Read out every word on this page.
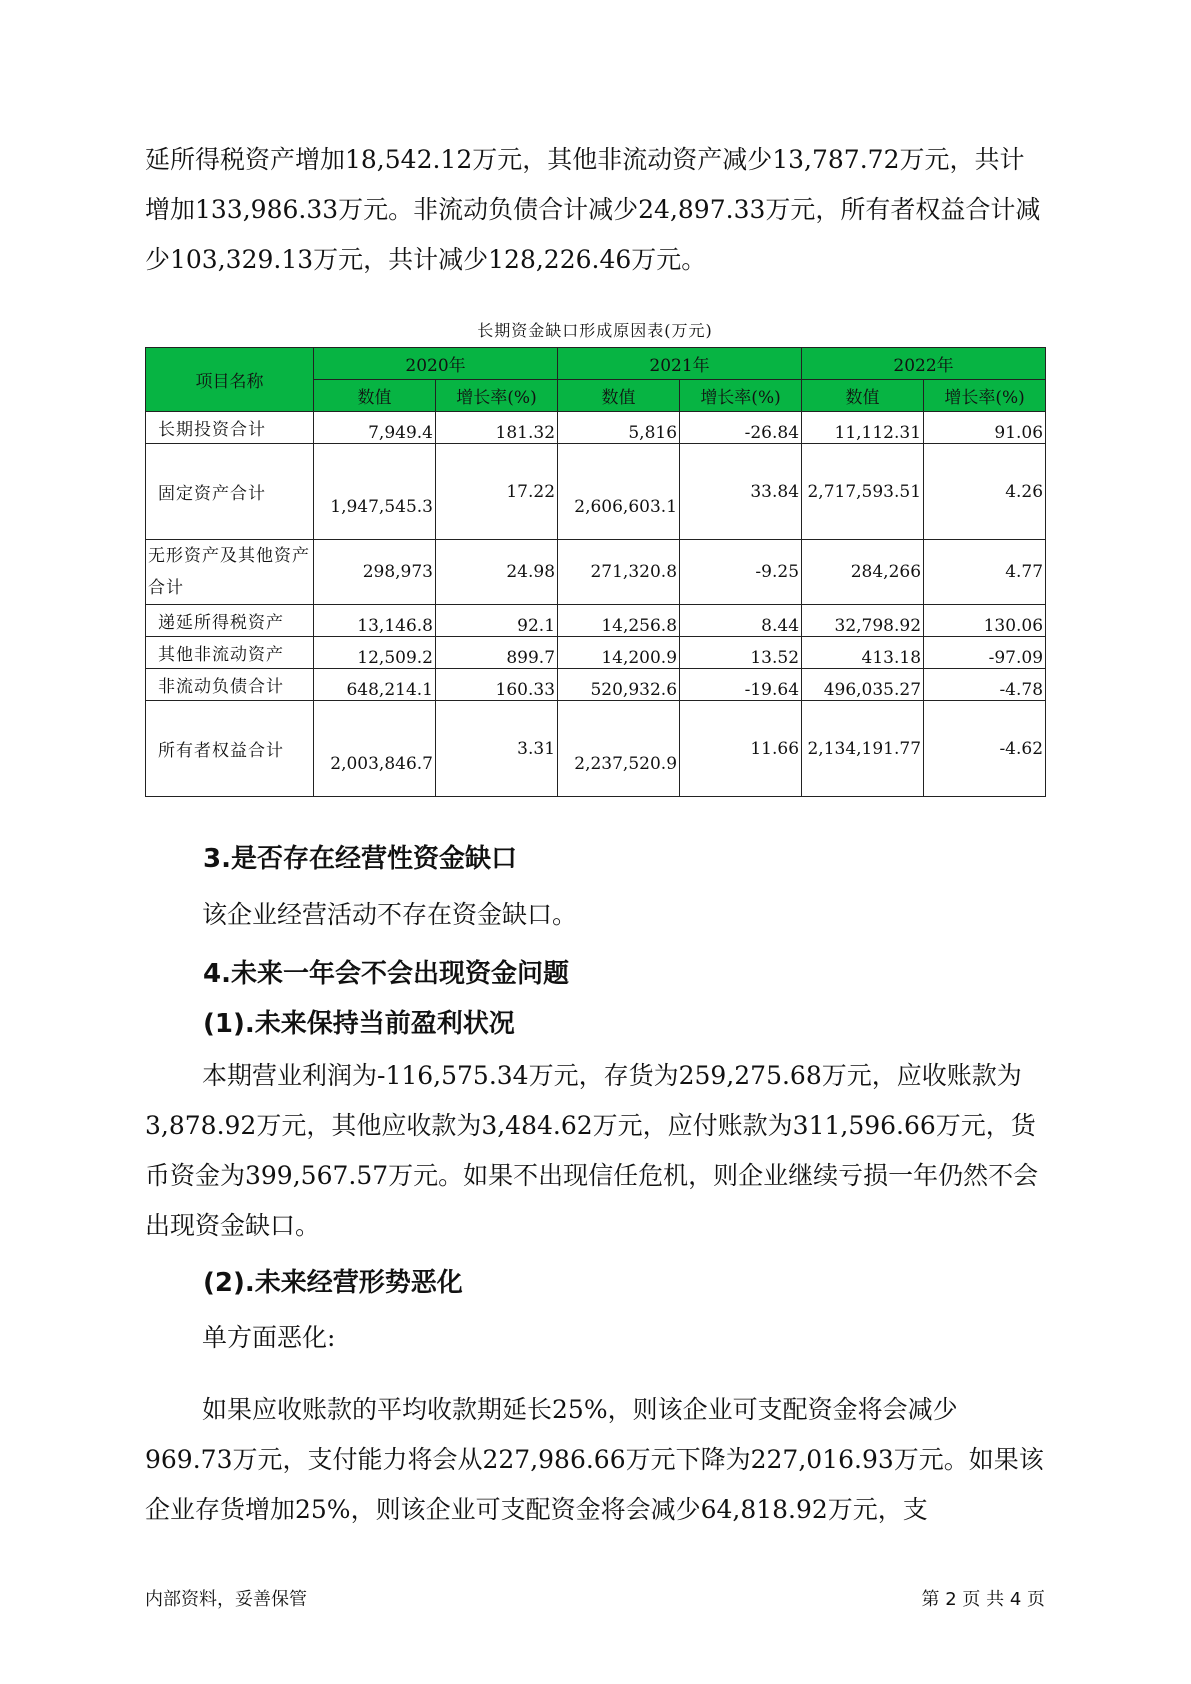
延所得税资产增加18,542.12万元，其他非流动资产减少13,787.72万元，共计增加133,986.33万元。非流动负债合计减少24,897.33万元，所有者权益合计减少103,329.13万元，共计减少128,226.46万元。

长期资金缺口形成原因表(万元)
项目名称	2020年		2021年		2022年	
	数值	增长率(%)	数值	增长率(%)	数值	增长率(%)
长期投资合计	7,949.4	181.32	5,816	-26.84	11,112.31	91.06
固定资产合计	1,947,545.3	17.22	2,606,603.1	33.84	2,717,593.51	4.26
无形资产及其他资产合计	298,973	24.98	271,320.8	-9.25	284,266	4.77
递延所得税资产	13,146.8	92.1	14,256.8	8.44	32,798.92	130.06
其他非流动资产	12,509.2	899.7	14,200.9	13.52	413.18	-97.09
非流动负债合计	648,214.1	160.33	520,932.6	-19.64	496,035.27	-4.78
所有者权益合计	2,003,846.7	3.31	2,237,520.9	11.66	2,134,191.77	-4.62
3.是否存在经营性资金缺口

该企业经营活动不存在资金缺口。

4.未来一年会不会出现资金问题
(1).未来保持当前盈利状况

本期营业利润为-116,575.34万元，存货为259,275.68万元，应收账款为3,878.92万元，其他应收款为3,484.62万元，应付账款为311,596.66万元，货币资金为399,567.57万元。如果不出现信任危机，则企业继续亏损一年仍然不会出现资金缺口。

(2).未来经营形势恶化

单方面恶化:

如果应收账款的平均收款期延长25%，则该企业可支配资金将会减少969.73万元，支付能力将会从227,986.66万元下降为227,016.93万元。如果该企业存货增加25%，则该企业可支配资金将会减少64,818.92万元，支

内部资料，妥善保管	第 2 页 共 4 页
